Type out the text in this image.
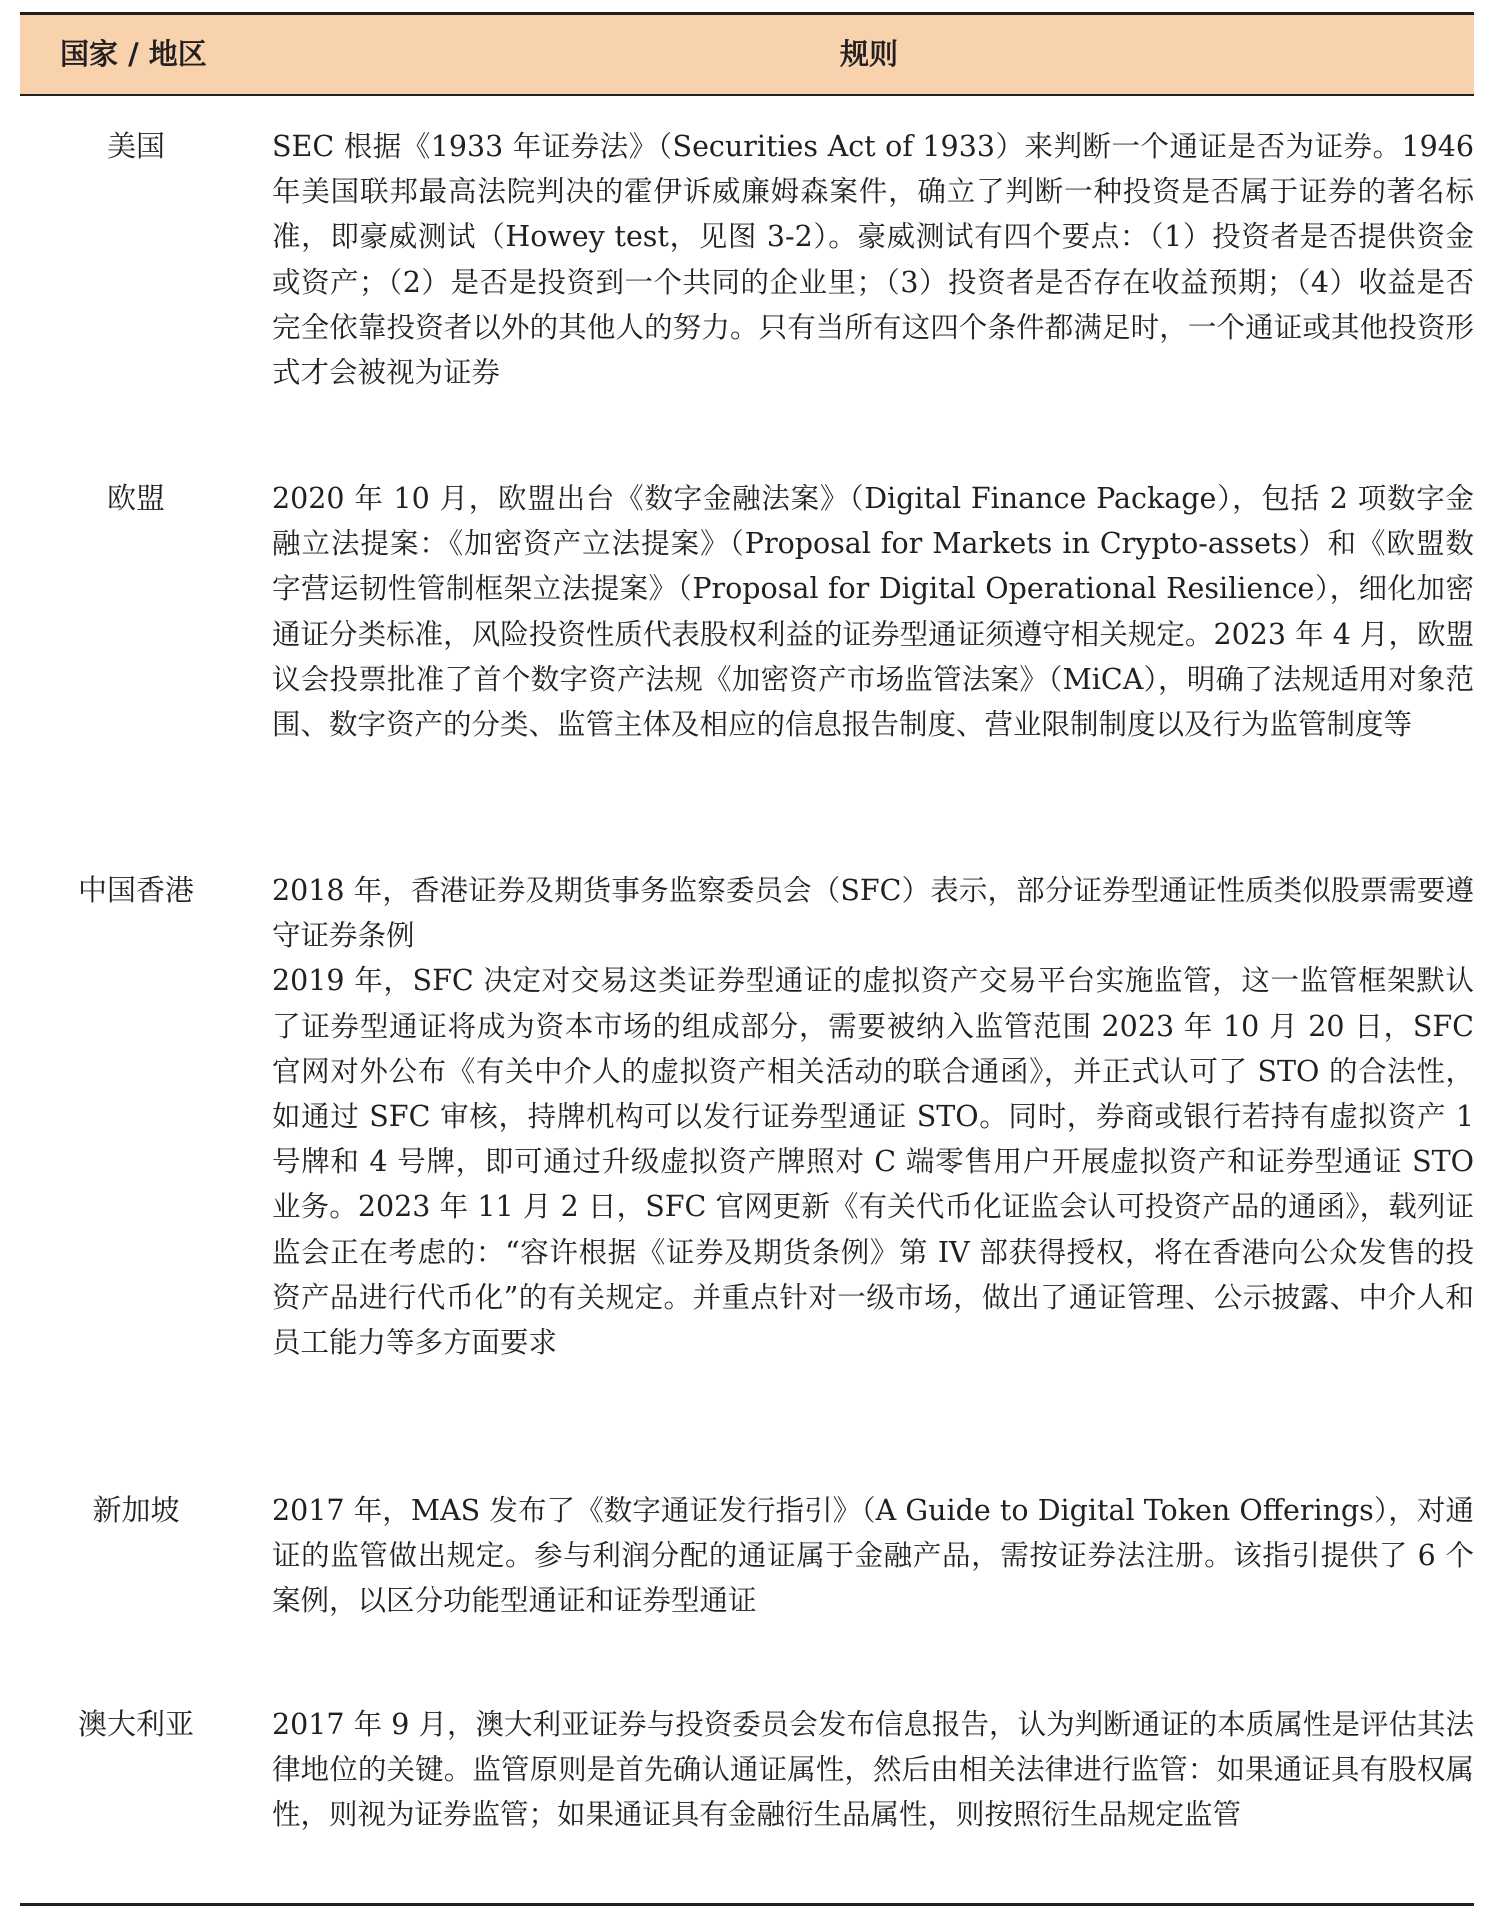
国家 / 地区	规则
美国	SEC 根据《1933 年证券法》（Securities Act of 1933）来判断一个通证是否为证券。1946 年美国联邦最高法院判决的霍伊诉威廉姆森案件，确立了判断一种投资是否属于证券的著名标准，即豪威测试（Howey test，见图 3-2）。豪威测试有四个要点：（1）投资者是否提供资金或资产；（2）是否是投资到一个共同的企业里；（3）投资者是否存在收益预期；（4）收益是否完全依靠投资者以外的其他人的努力。只有当所有这四个条件都满足时，一个通证或其他投资形式才会被视为证券

欧盟	2020 年 10 月，欧盟出台《数字金融法案》（Digital Finance Package），包括 2 项数字金融立法提案：《加密资产立法提案》（Proposal for Markets in Crypto-assets）和《欧盟数字营运韧性管制框架立法提案》（Proposal for Digital Operational Resilience），细化加密通证分类标准，风险投资性质代表股权利益的证券型通证须遵守相关规定。2023 年 4 月，欧盟议会投票批准了首个数字资产法规《加密资产市场监管法案》（MiCA），明确了法规适用对象范围、数字资产的分类、监管主体及相应的信息报告制度、营业限制制度以及行为监管制度等

中国香港	2018 年，香港证券及期货事务监察委员会（SFC）表示，部分证券型通证性质类似股票需要遵守证券条例

2019 年，SFC 决定对交易这类证券型通证的虚拟资产交易平台实施监管，这一监管框架默认了证券型通证将成为资本市场的组成部分，需要被纳入监管范围 2023 年 10 月 20 日，SFC 官网对外公布《有关中介人的虚拟资产相关活动的联合通函》，并正式认可了 STO 的合法性，如通过 SFC 审核，持牌机构可以发行证券型通证 STO。同时，券商或银行若持有虚拟资产 1 号牌和 4 号牌，即可通过升级虚拟资产牌照对 C 端零售用户开展虚拟资产和证券型通证 STO 业务。2023 年 11 月 2 日，SFC 官网更新《有关代币化证监会认可投资产品的通函》，载列证监会正在考虑的：“容许根据《证券及期货条例》第 IV 部获得授权，将在香港向公众发售的投资产品进行代币化”的有关规定。并重点针对一级市场，做出了通证管理、公示披露、中介人和员工能力等多方面要求

新加坡	2017 年，MAS 发布了《数字通证发行指引》（A Guide to Digital Token Offerings），对通证的监管做出规定。参与利润分配的通证属于金融产品，需按证券法注册。该指引提供了 6 个案例，以区分功能型通证和证券型通证

澳大利亚	2017 年 9 月，澳大利亚证券与投资委员会发布信息报告，认为判断通证的本质属性是评估其法律地位的关键。监管原则是首先确认通证属性，然后由相关法律进行监管：如果通证具有股权属性，则视为证券监管；如果通证具有金融衍生品属性，则按照衍生品规定监管
